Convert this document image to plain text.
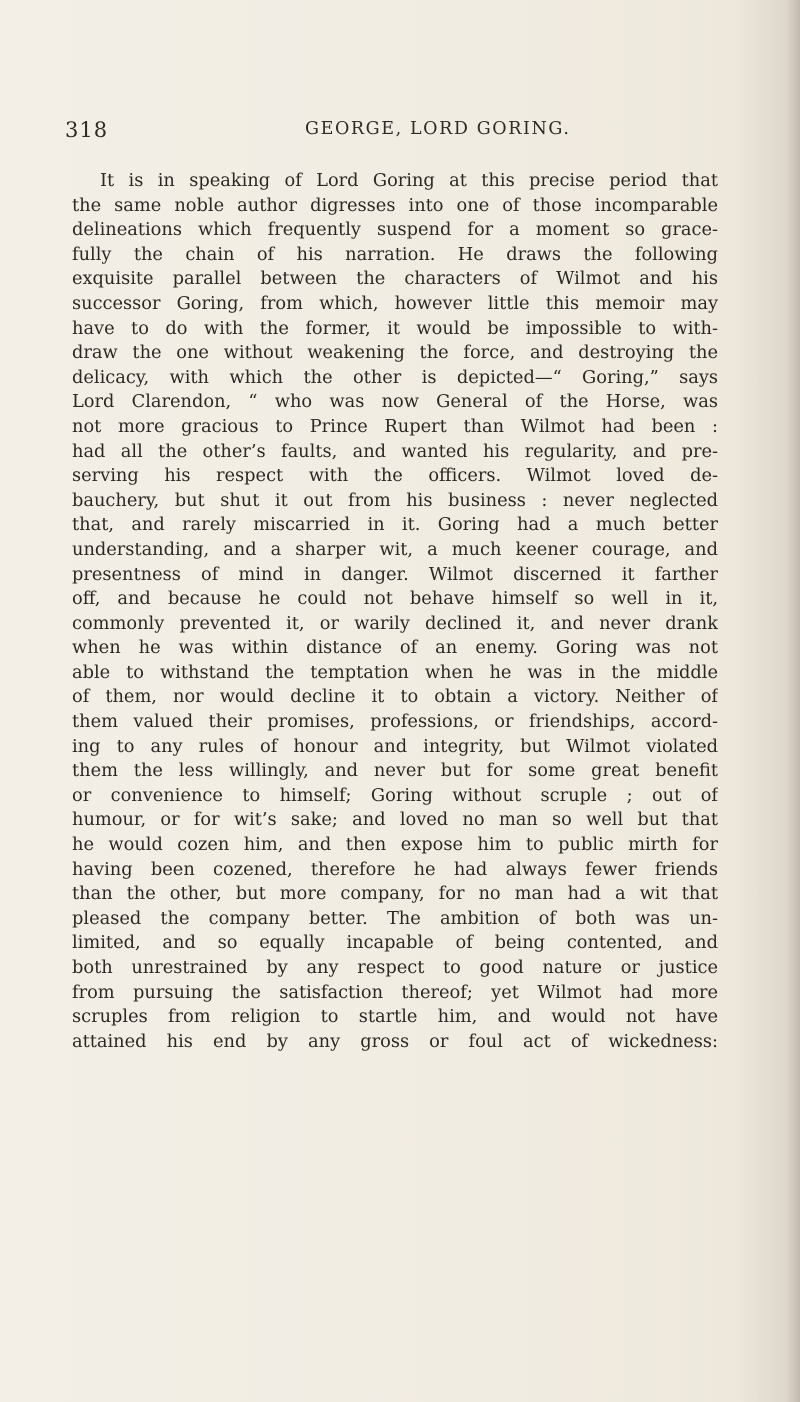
318	GEORGE, LORD GORING.
It is in speaking of Lord Goring at this precise period that
the same noble author digresses into one of those incomparable
delineations which frequently suspend for a moment so grace-
fully the chain of his narration. He draws the following
exquisite parallel between the characters of Wilmot and his
successor Goring, from which, however little this memoir may
have to do with the former, it would be impossible to with-
draw the one without weakening the force, and destroying the
delicacy, with which the other is depicted—“ Goring,” says
Lord Clarendon, “ who was now General of the Horse, was
not more gracious to Prince Rupert than Wilmot had been :
had all the other’s faults, and wanted his regularity, and pre-
serving his respect with the officers. Wilmot loved de-
bauchery, but shut it out from his business : never neglected
that, and rarely miscarried in it. Goring had a much better
understanding, and a sharper wit, a much keener courage, and
presentness of mind in danger. Wilmot discerned it farther
off, and because he could not behave himself so well in it,
commonly prevented it, or warily declined it, and never drank
when he was within distance of an enemy. Goring was not
able to withstand the temptation when he was in the middle
of them, nor would decline it to obtain a victory. Neither of
them valued their promises, professions, or friendships, accord-
ing to any rules of honour and integrity, but Wilmot violated
them the less willingly, and never but for some great benefit
or convenience to himself; Goring without scruple ; out of
humour, or for wit’s sake; and loved no man so well but that
he would cozen him, and then expose him to public mirth for
having been cozened, therefore he had always fewer friends
than the other, but more company, for no man had a wit that
pleased the company better. The ambition of both was un-
limited, and so equally incapable of being contented, and
both unrestrained by any respect to good nature or justice
from pursuing the satisfaction thereof; yet Wilmot had more
scruples from religion to startle him, and would not have
attained his end by any gross or foul act of wickedness:
